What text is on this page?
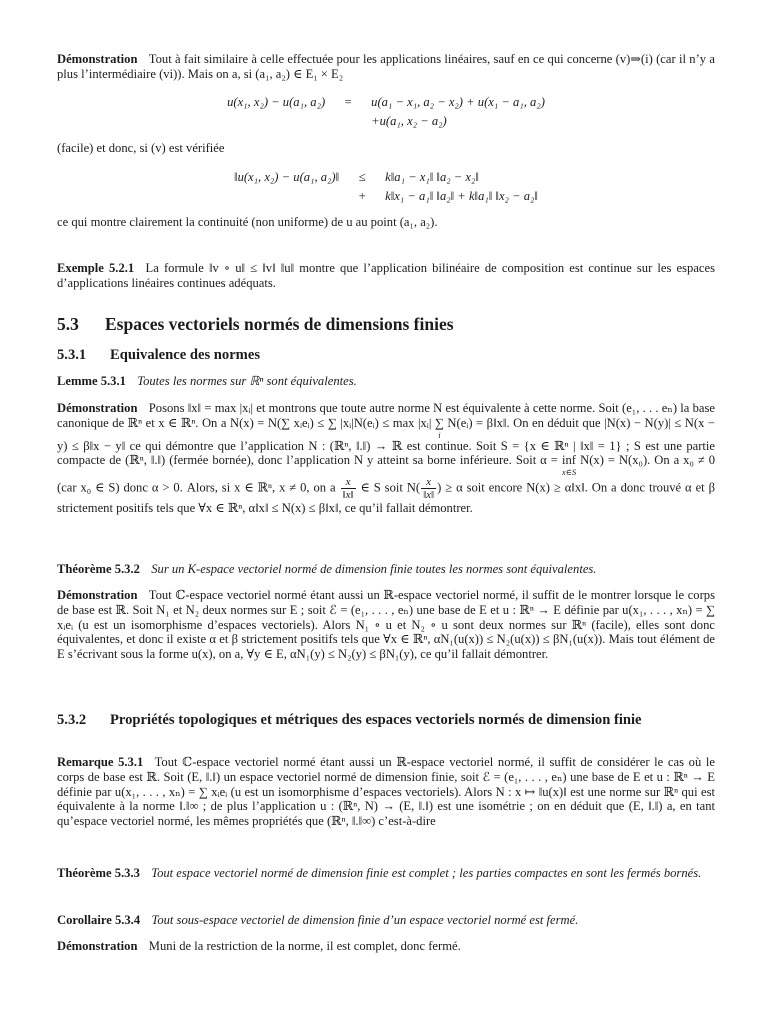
Démonstration Tout à fait similaire à celle effectuée pour les applications linéaires, sauf en ce qui concerne (v)⇒(i) (car il n’y a plus l’intermédiaire (vi)). Mais on a, si (a₁, a₂) ∈ E₁ × E₂
u(x₁, x₂) − u(a₁, a₂)	=	u(a₁ − x₁, a₂ − x₂) + u(x₁ − a₁, a₂)
		+u(a₁, x₂ − a₂)
(facile) et donc, si (v) est vérifiée
‖u(x₁, x₂) − u(a₁, a₂)‖	≤	k‖a₁ − x₁‖ ‖a₂ − x₂‖
	+	k‖x₁ − a₁‖ ‖a₂‖ + k‖a₁‖ ‖x₂ − a₂‖
ce qui montre clairement la continuité (non uniforme) de u au point (a₁, a₂).
Exemple 5.2.1 La formule ‖v ∘ u‖ ≤ ‖v‖ ‖u‖ montre que l’application bilinéaire de composition est continue sur les espaces d’applications linéaires continues adéquats.
5.3	Espaces vectoriels normés de dimensions finies
5.3.1	Equivalence des normes
Lemme 5.3.1 Toutes les normes sur ℝⁿ sont équivalentes.
Démonstration Posons ‖x‖ = max |xᵢ| et montrons que toute autre norme N est équivalente à cette norme. Soit (e₁, . . . eₙ) la base canonique de ℝⁿ et x ∈ ℝⁿ. On a N(x) = N(∑ xᵢeᵢ) ≤ ∑ |xᵢ|N(eᵢ) ≤ max |xᵢ| ∑
i
N(eᵢ) = β‖x‖. On en déduit que |N(x) − N(y)| ≤ N(x − y) ≤ β‖x − y‖ ce qui démontre que l’application N : (ℝⁿ, ‖.‖) → ℝ est continue. Soit S = {x ∈ ℝⁿ | ‖x‖ = 1} ; S est une partie compacte de (ℝⁿ, ‖.‖) (fermée bornée), donc l’application N y atteint sa borne inférieure. Soit α = inf
x∈S
N(x) = N(x₀). On a x₀ ≠ 0 (car x₀ ∈ S) donc α > 0. Alors, si x ∈ ℝⁿ, x ≠ 0, on a $\frac{x}{‖x‖}$ ∈ S soit $N( \frac{x}{‖x‖}$ ) ≥ α soit encore N(x) ≥ α‖x‖. On a donc trouvé α et β strictement positifs tels que ∀x ∈ ℝⁿ, α‖x‖ ≤ N(x) ≤ β‖x‖, ce qu’il fallait démontrer.
Théorème 5.3.2 Sur un K-espace vectoriel normé de dimension finie toutes les normes sont équivalentes.
Démonstration Tout ℂ-espace vectoriel normé étant aussi un ℝ-espace vectoriel normé, il suffit de le montrer lorsque le corps de base est ℝ. Soit N₁ et N₂ deux normes sur E ; soit ℰ = (e₁, . . . , eₙ) une base de E et u : ℝⁿ → E définie par u(x₁, . . . , xₙ) = ∑ xᵢeᵢ (u est un isomorphisme d’espaces vectoriels). Alors N₁ ∘ u et N₂ ∘ u sont deux normes sur ℝⁿ (facile), elles sont donc équivalentes, et donc il existe α et β strictement positifs tels que ∀x ∈ ℝⁿ, αN₁(u(x)) ≤ N₂(u(x)) ≤ βN₁(u(x)). Mais tout élément de E s’écrivant sous la forme u(x), on a, ∀y ∈ E, αN₁(y) ≤ N₂(y) ≤ βN₁(y), ce qu’il fallait démontrer.
5.3.2	Propriétés topologiques et métriques des espaces vectoriels normés de dimension finie
Remarque 5.3.1 Tout ℂ-espace vectoriel normé étant aussi un ℝ-espace vectoriel normé, il suffit de considérer le cas où le corps de base est ℝ. Soit (E, ‖.‖) un espace vectoriel normé de dimension finie, soit ℰ = (e₁, . . . , eₙ) une base de E et u : ℝⁿ → E définie par u(x₁, . . . , xₙ) = ∑ xᵢeᵢ (u est un isomorphisme d’espaces vectoriels). Alors N : x ↦ ‖u(x)‖ est une norme sur ℝⁿ qui est équivalente à la norme ‖.‖∞ ; de plus l’application u : (ℝⁿ, N) → (E, ‖.‖) est une isométrie ; on en déduit que (E, ‖.‖) a, en tant qu’espace vectoriel normé, les mêmes propriétés que (ℝⁿ, ‖.‖∞) c’est-à-dire
Théorème 5.3.3 Tout espace vectoriel normé de dimension finie est complet ; les parties compactes en sont les fermés bornés.
Corollaire 5.3.4 Tout sous-espace vectoriel de dimension finie d’un espace vectoriel normé est fermé.
Démonstration Muni de la restriction de la norme, il est complet, donc fermé.
